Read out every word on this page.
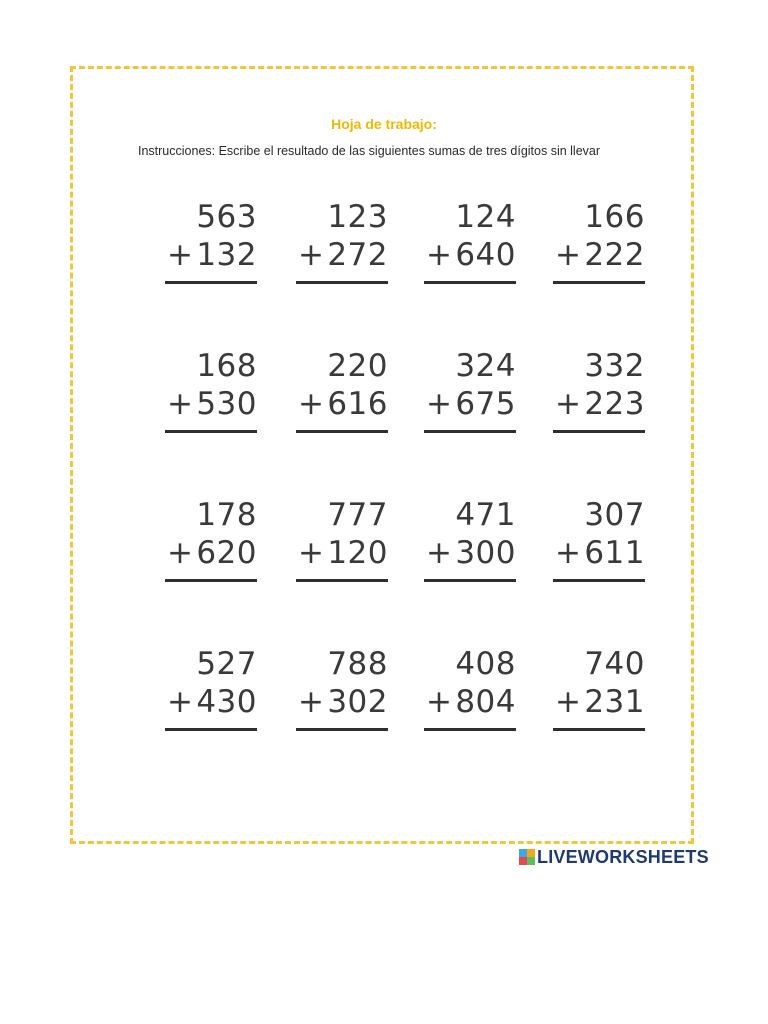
Hoja de trabajo:
Instrucciones: Escribe el resultado de las siguientes sumas de tres dígitos sin llevar
563
+ 132
123
+ 272
124
+ 640
166
+ 222
168
+ 530
220
+ 616
324
+ 675
332
+ 223
178
+ 620
777
+ 120
471
+ 300
307
+ 611
527
+ 430
788
+ 302
408
+ 804
740
+ 231
LIVEWORKSHEETS
